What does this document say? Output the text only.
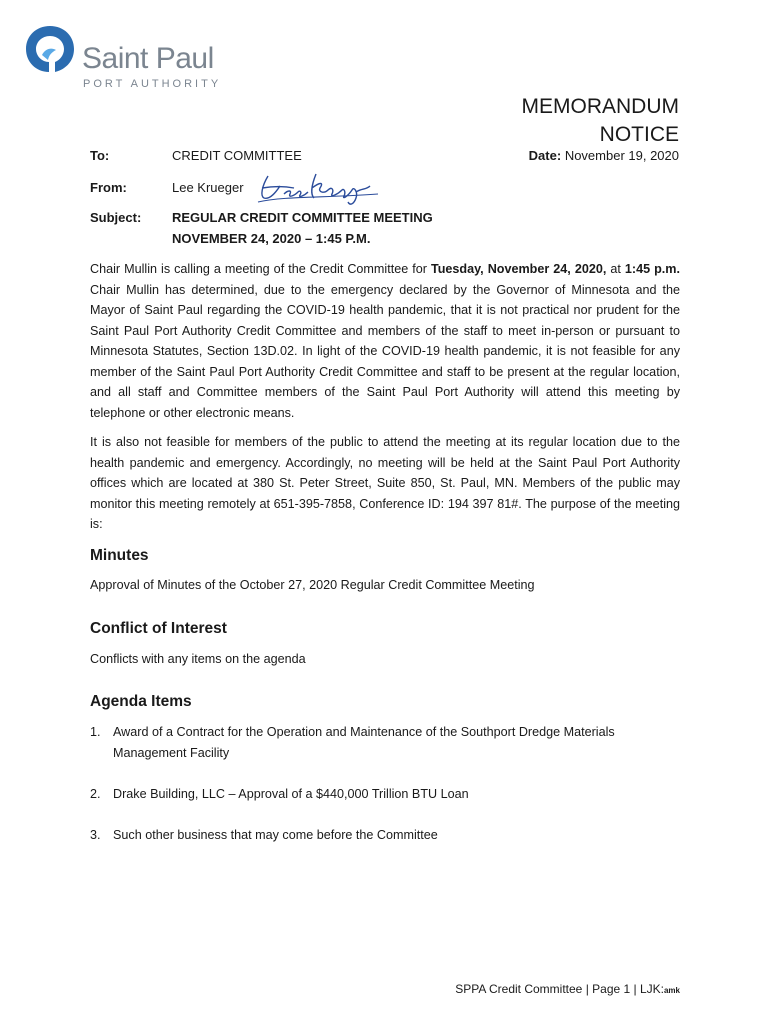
Saint Paul
PORT AUTHORITY
MEMORANDUM
NOTICE
To:	CREDIT COMMITTEE	Date: November 19, 2020
From:	Lee Krueger
Subject: REGULAR CREDIT COMMITTEE MEETING
NOVEMBER 24, 2020 – 1:45 P.M.
Chair Mullin is calling a meeting of the Credit Committee for Tuesday, November 24, 2020, at 1:45 p.m. Chair Mullin has determined, due to the emergency declared by the Governor of Minnesota and the Mayor of Saint Paul regarding the COVID-19 health pandemic, that it is not practical nor prudent for the Saint Paul Port Authority Credit Committee and members of the staff to meet in-person or pursuant to Minnesota Statutes, Section 13D.02. In light of the COVID-19 health pandemic, it is not feasible for any member of the Saint Paul Port Authority Credit Committee and staff to be present at the regular location, and all staff and Committee members of the Saint Paul Port Authority will attend this meeting by telephone or other electronic means.
It is also not feasible for members of the public to attend the meeting at its regular location due to the health pandemic and emergency. Accordingly, no meeting will be held at the Saint Paul Port Authority offices which are located at 380 St. Peter Street, Suite 850, St. Paul, MN. Members of the public may monitor this meeting remotely at 651-395-7858, Conference ID: 194 397 81#. The purpose of the meeting is:
Minutes
Approval of Minutes of the October 27, 2020 Regular Credit Committee Meeting
Conflict of Interest
Conflicts with any items on the agenda
Agenda Items
1. Award of a Contract for the Operation and Maintenance of the Southport Dredge Materials Management Facility
2. Drake Building, LLC – Approval of a $440,000 Trillion BTU Loan
3. Such other business that may come before the Committee
SPPA Credit Committee | Page 1 | LJK:amk
